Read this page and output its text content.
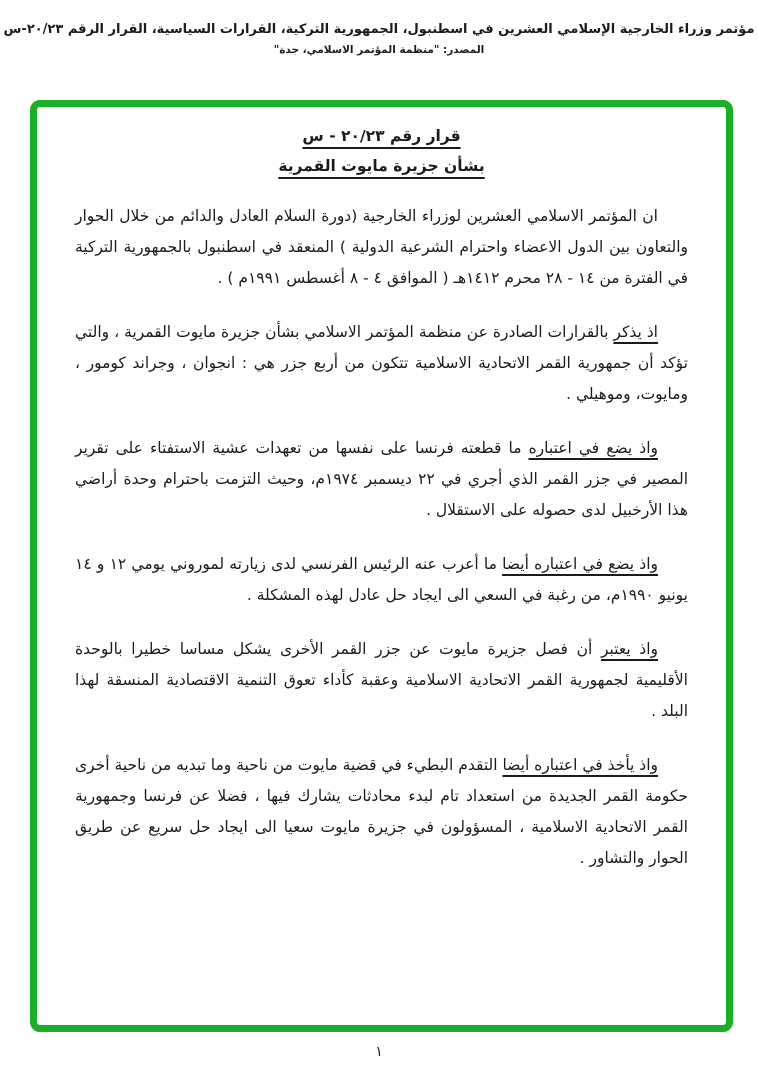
مؤتمر وزراء الخارجية الإسلامي العشرين في اسطنبول، الجمهورية التركية، القرارات السياسية، القرار الرقم ٢٠/٢٣-س
المصدر: "منظمة المؤتمر الاسلامي، جدة"
قرار رقم ٢٠/٢٣ - س
بشأن جزيرة مايوت القمرية

ان المؤتمر الاسلامي العشرين لوزراء الخارجية (دورة السلام العادل والدائم من خلال الحوار والتعاون بين الدول الاعضاء واحترام الشرعية الدولية ) المنعقد في اسطنبول بالجمهورية التركية في الفترة من ١٤ - ٢٨ محرم ١٤١٢هـ ( الموافق ٤ - ٨ أغسطس ١٩٩١م ) .

اذ يذكر بالقرارات الصادرة عن منظمة المؤتمر الاسلامي بشأن جزيرة مايوت القمرية ، والتي تؤكد أن جمهورية القمر الاتحادية الاسلامية تتكون من أربع جزر هي : انجوان ، وجراند كومور ، ومايوت، وموهيلي .

واذ يضع في اعتباره ما قطعته فرنسا على نفسها من تعهدات عشية الاستفتاء على تقرير المصير في جزر القمر الذي أجري في ٢٢ ديسمبر ١٩٧٤م، وحيث التزمت باحترام وحدة أراضي هذا الأرخبيل لدى حصوله على الاستقلال .

واذ يضع في اعتباره أيضا ما أعرب عنه الرئيس الفرنسي لدى زيارته لموروني يومي ١٢ و ١٤ يونيو ١٩٩٠م، من رغبة في السعي الى ايجاد حل عادل لهذه المشكلة .

واذ يعتبر أن فصل جزيرة مايوت عن جزر القمر الأخرى يشكل مساسا خطيرا بالوحدة الأقليمية لجمهورية القمر الاتحادية الاسلامية وعقبة كأداء تعوق التنمية الاقتصادية المنسقة لهذا البلد .

واذ يأخذ في اعتباره أيضا التقدم البطيء في قضية مايوت من ناحية وما تبديه من ناحية أخرى حكومة القمر الجديدة من استعداد تام لبدء محادثات يشارك فيها ، فضلا عن فرنسا وجمهورية القمر الاتحادية الاسلامية ، المسؤولون في جزيرة مايوت سعيا الى ايجاد حل سريع عن طريق الحوار والتشاور .

١
